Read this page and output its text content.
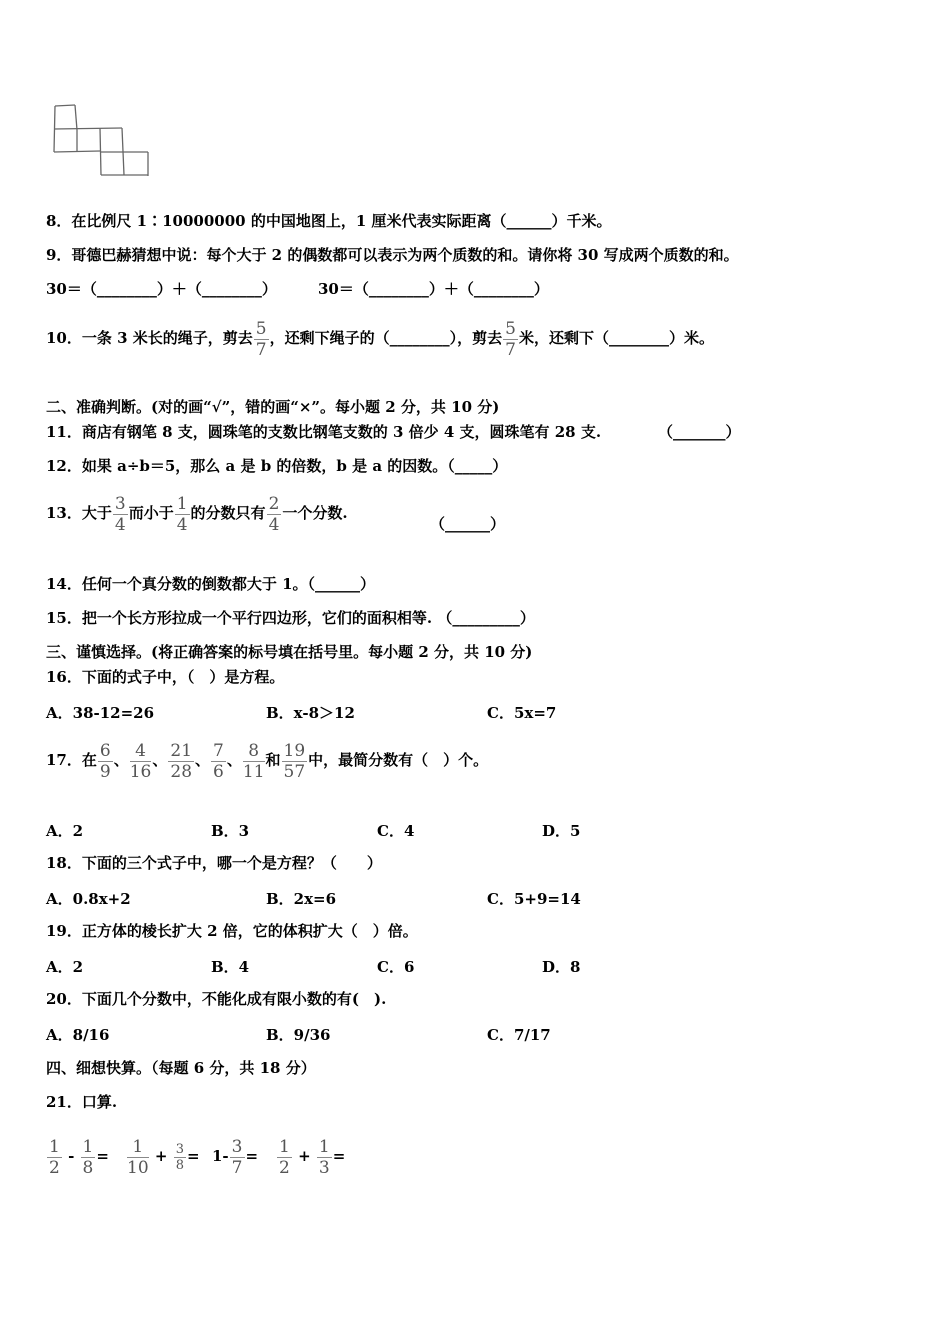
8．在比例尺 1∶10000000 的中国地图上，1 厘米代表实际距离（______）千米。
9．哥德巴赫猜想中说：每个大于 2 的偶数都可以表示为两个质数的和。请你将 30 写成两个质数的和。
30＝（________）＋（________）	30＝（________）＋（________）
10．一条 3 米长的绳子，剪去 $\frac{5}{7}$ ，还剩下绳子的（________），剪去 $\frac{5}{7}$ 米，还剩下（________）米。
二、准确判断。(对的画“√”，错的画“×”。每小题 2 分，共 10 分)
11．商店有钢笔 8 支，圆珠笔的支数比钢笔支数的 3 倍少 4 支，圆珠笔有 28 支.	（_______）
12．如果 a÷b＝5，那么 a 是 b 的倍数，b 是 a 的因数。（_____）
13．大于 $\frac{3}{4}$ 而小于 $\frac{1}{4}$ 的分数只有 $\frac{2}{4}$ 一个分数.
（______）
14．任何一个真分数的倒数都大于 1。（______）
15．把一个长方形拉成一个平行四边形，它们的面积相等. （_________）
三、谨慎选择。(将正确答案的标号填在括号里。每小题 2 分，共 10 分)
16．下面的式子中，（　）是方程。
A．38-12=26	B．x-8＞12	C．5x=7
17．在 $\frac{6}{9}$ 、 $\frac{4}{16}$ 、 $\frac{21}{28}$ 、 $\frac{7}{6}$ 、 $\frac{8}{11}$ 和 $\frac{19}{57}$ 中，最简分数有（　）个。
A．2	B．3	C．4	D．5
18．下面的三个式子中，哪一个是方程？（　　）
A．0.8x+2	B．2x=6	C．5+9=14
19．正方体的棱长扩大 2 倍，它的体积扩大（　）倍。
A．2	B．4	C．6	D．8
20．下面几个分数中，不能化成有限小数的有(　).
A．8/16	B．9/36	C．7/17
四、细想快算。（每题 6 分，共 18 分）
21．口算.
$\frac{1}{2} - \frac{1}{8} = \frac{1}{10} + \frac{3}{8} = 1- \frac{3}{7} = \frac{1}{2} + \frac{1}{3}$ =
